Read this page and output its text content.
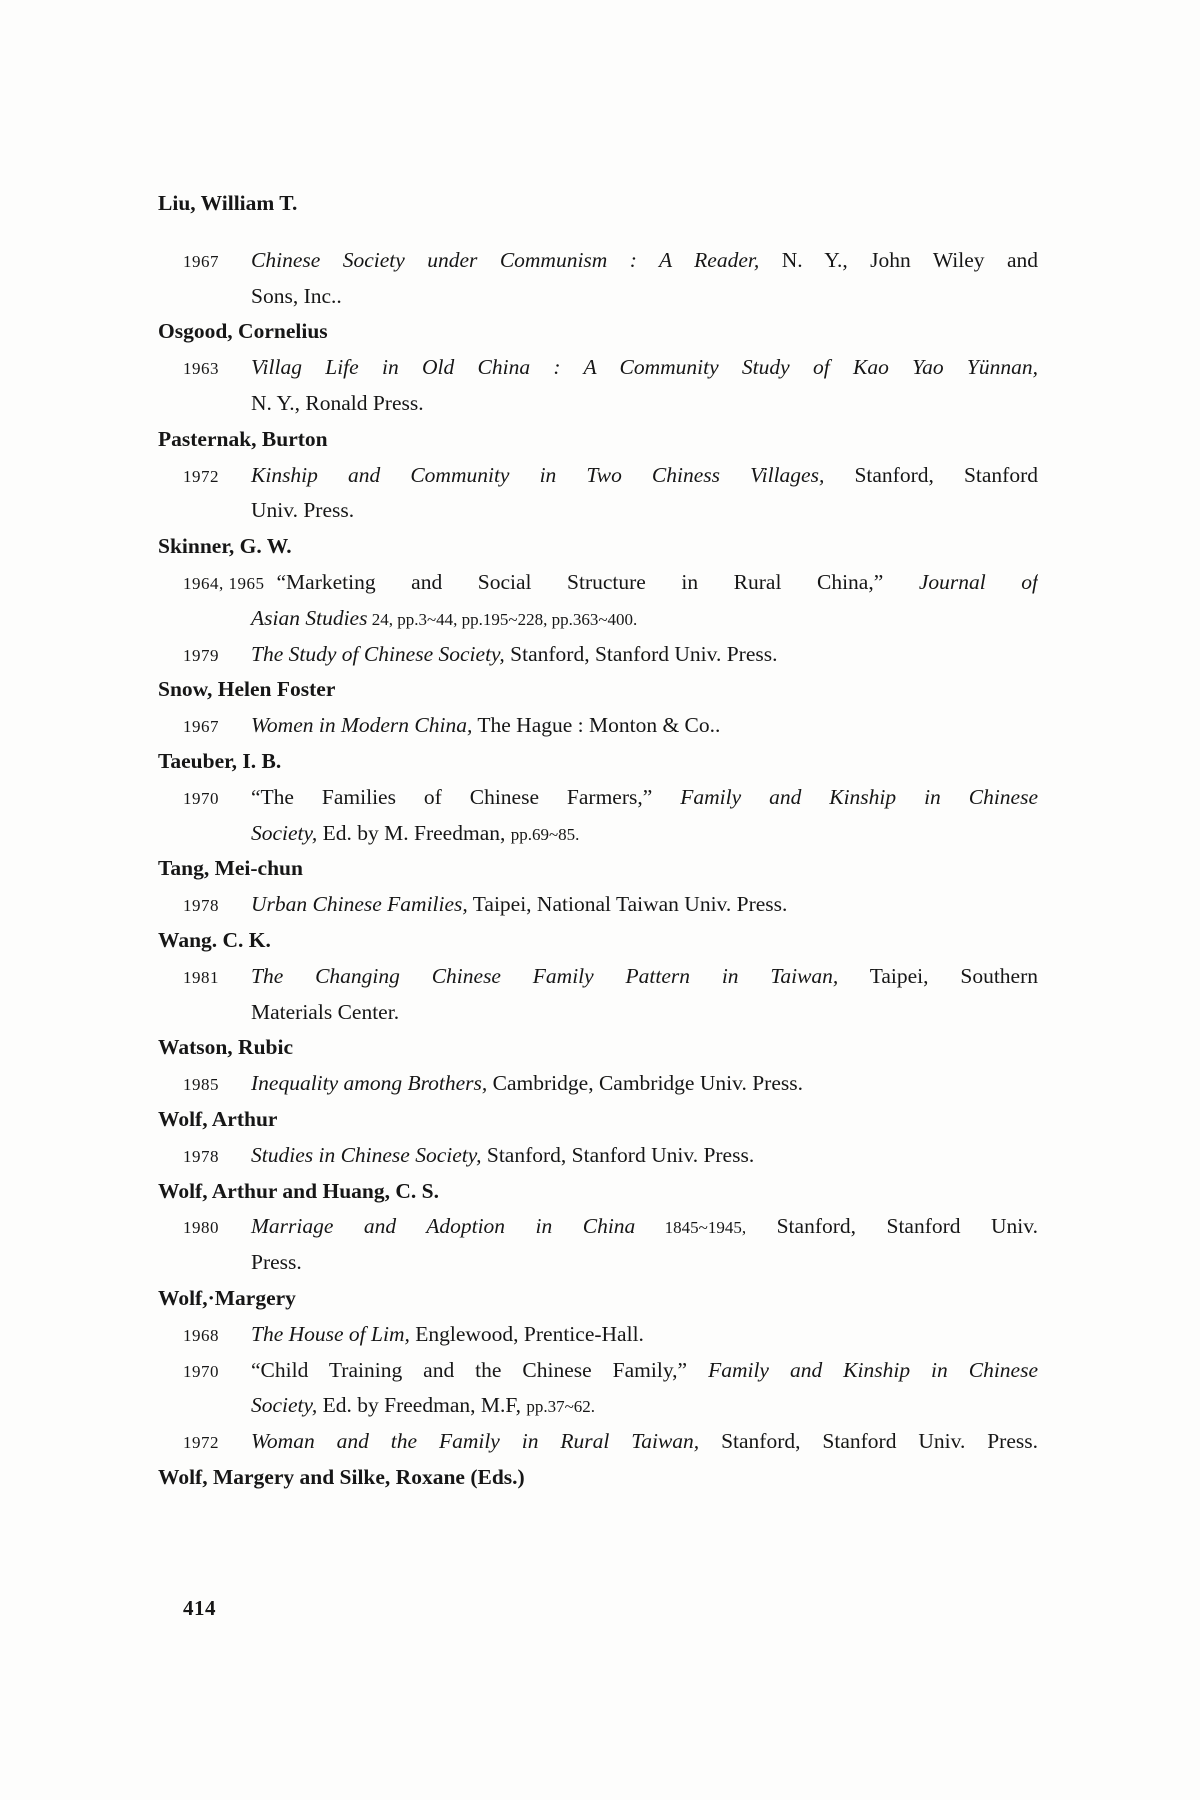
Liu, William T.
1967 Chinese Society under Communism : A Reader, N. Y., John Wiley and
Sons, Inc..
Osgood, Cornelius
1963 Villag Life in Old China : A Community Study of Kao Yao Yünnan,
N. Y., Ronald Press.
Pasternak, Burton
1972 Kinship and Community in Two Chiness Villages, Stanford, Stanford
Univ. Press.
Skinner, G. W.
1964, 1965 “Marketing and Social Structure in Rural China,” Journal of
Asian Studies 24, pp.3~44, pp.195~228, pp.363~400.
1979 The Study of Chinese Society, Stanford, Stanford Univ. Press.
Snow, Helen Foster
1967 Women in Modern China, The Hague : Monton & Co..
Taeuber, I. B.
1970 “The Families of Chinese Farmers,” Family and Kinship in Chinese
Society, Ed. by M. Freedman, pp.69~85.
Tang, Mei-chun
1978 Urban Chinese Families, Taipei, National Taiwan Univ. Press.
Wang. C. K.
1981 The Changing Chinese Family Pattern in Taiwan, Taipei, Southern
Materials Center.
Watson, Rubic
1985 Inequality among Brothers, Cambridge, Cambridge Univ. Press.
Wolf, Arthur
1978 Studies in Chinese Society, Stanford, Stanford Univ. Press.
Wolf, Arthur and Huang, C. S.
1980 Marriage and Adoption in China 1845~1945, Stanford, Stanford Univ.
Press.
Wolf,·Margery
1968 The House of Lim, Englewood, Prentice-Hall.
1970 “Child Training and the Chinese Family,” Family and Kinship in Chinese
Society, Ed. by Freedman, M.F, pp.37~62.
1972 Woman and the Family in Rural Taiwan, Stanford, Stanford Univ. Press.
Wolf, Margery and Silke, Roxane (Eds.)
414
